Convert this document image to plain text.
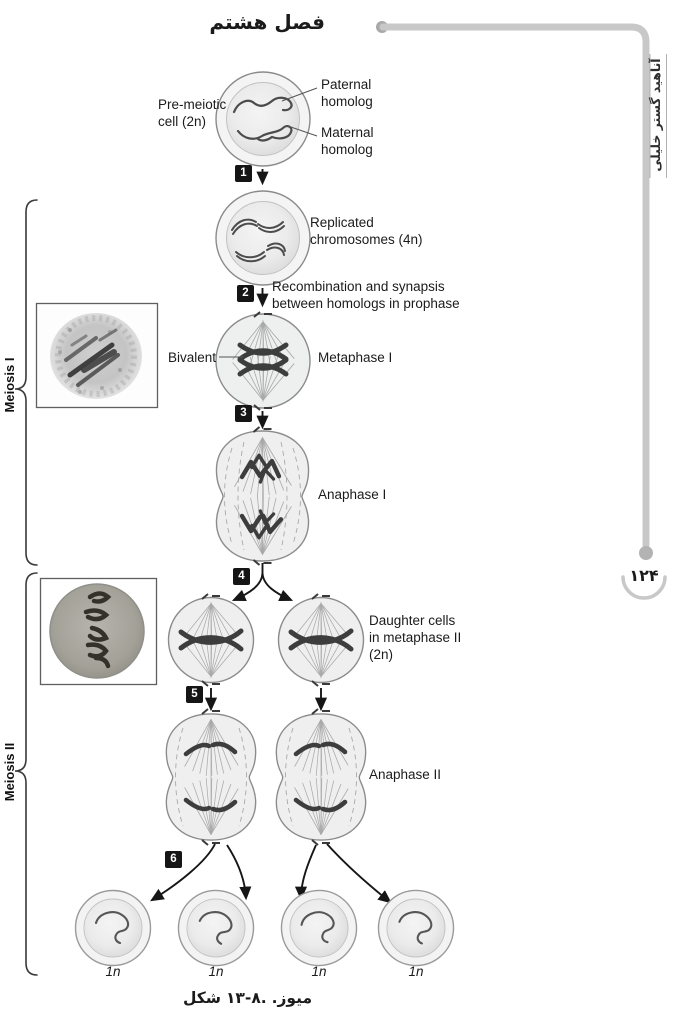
فصل هشتم
آناهید گستر خلیلی
۱۲۴
Meiosis I
Meiosis II
Pre-meiotic
cell (2n)
Paternal
homolog
Maternal
homolog
Replicated
chromosomes (4n)
Recombination and synapsis
between homologs in prophase
Bivalent	Metaphase I
Anaphase I
Daughter cells
in metaphase II
(2n)
Anaphase II
1
2
3
4
5
6
1n	1n	1n	1n
شکل ۱۳-۸. میوز.
